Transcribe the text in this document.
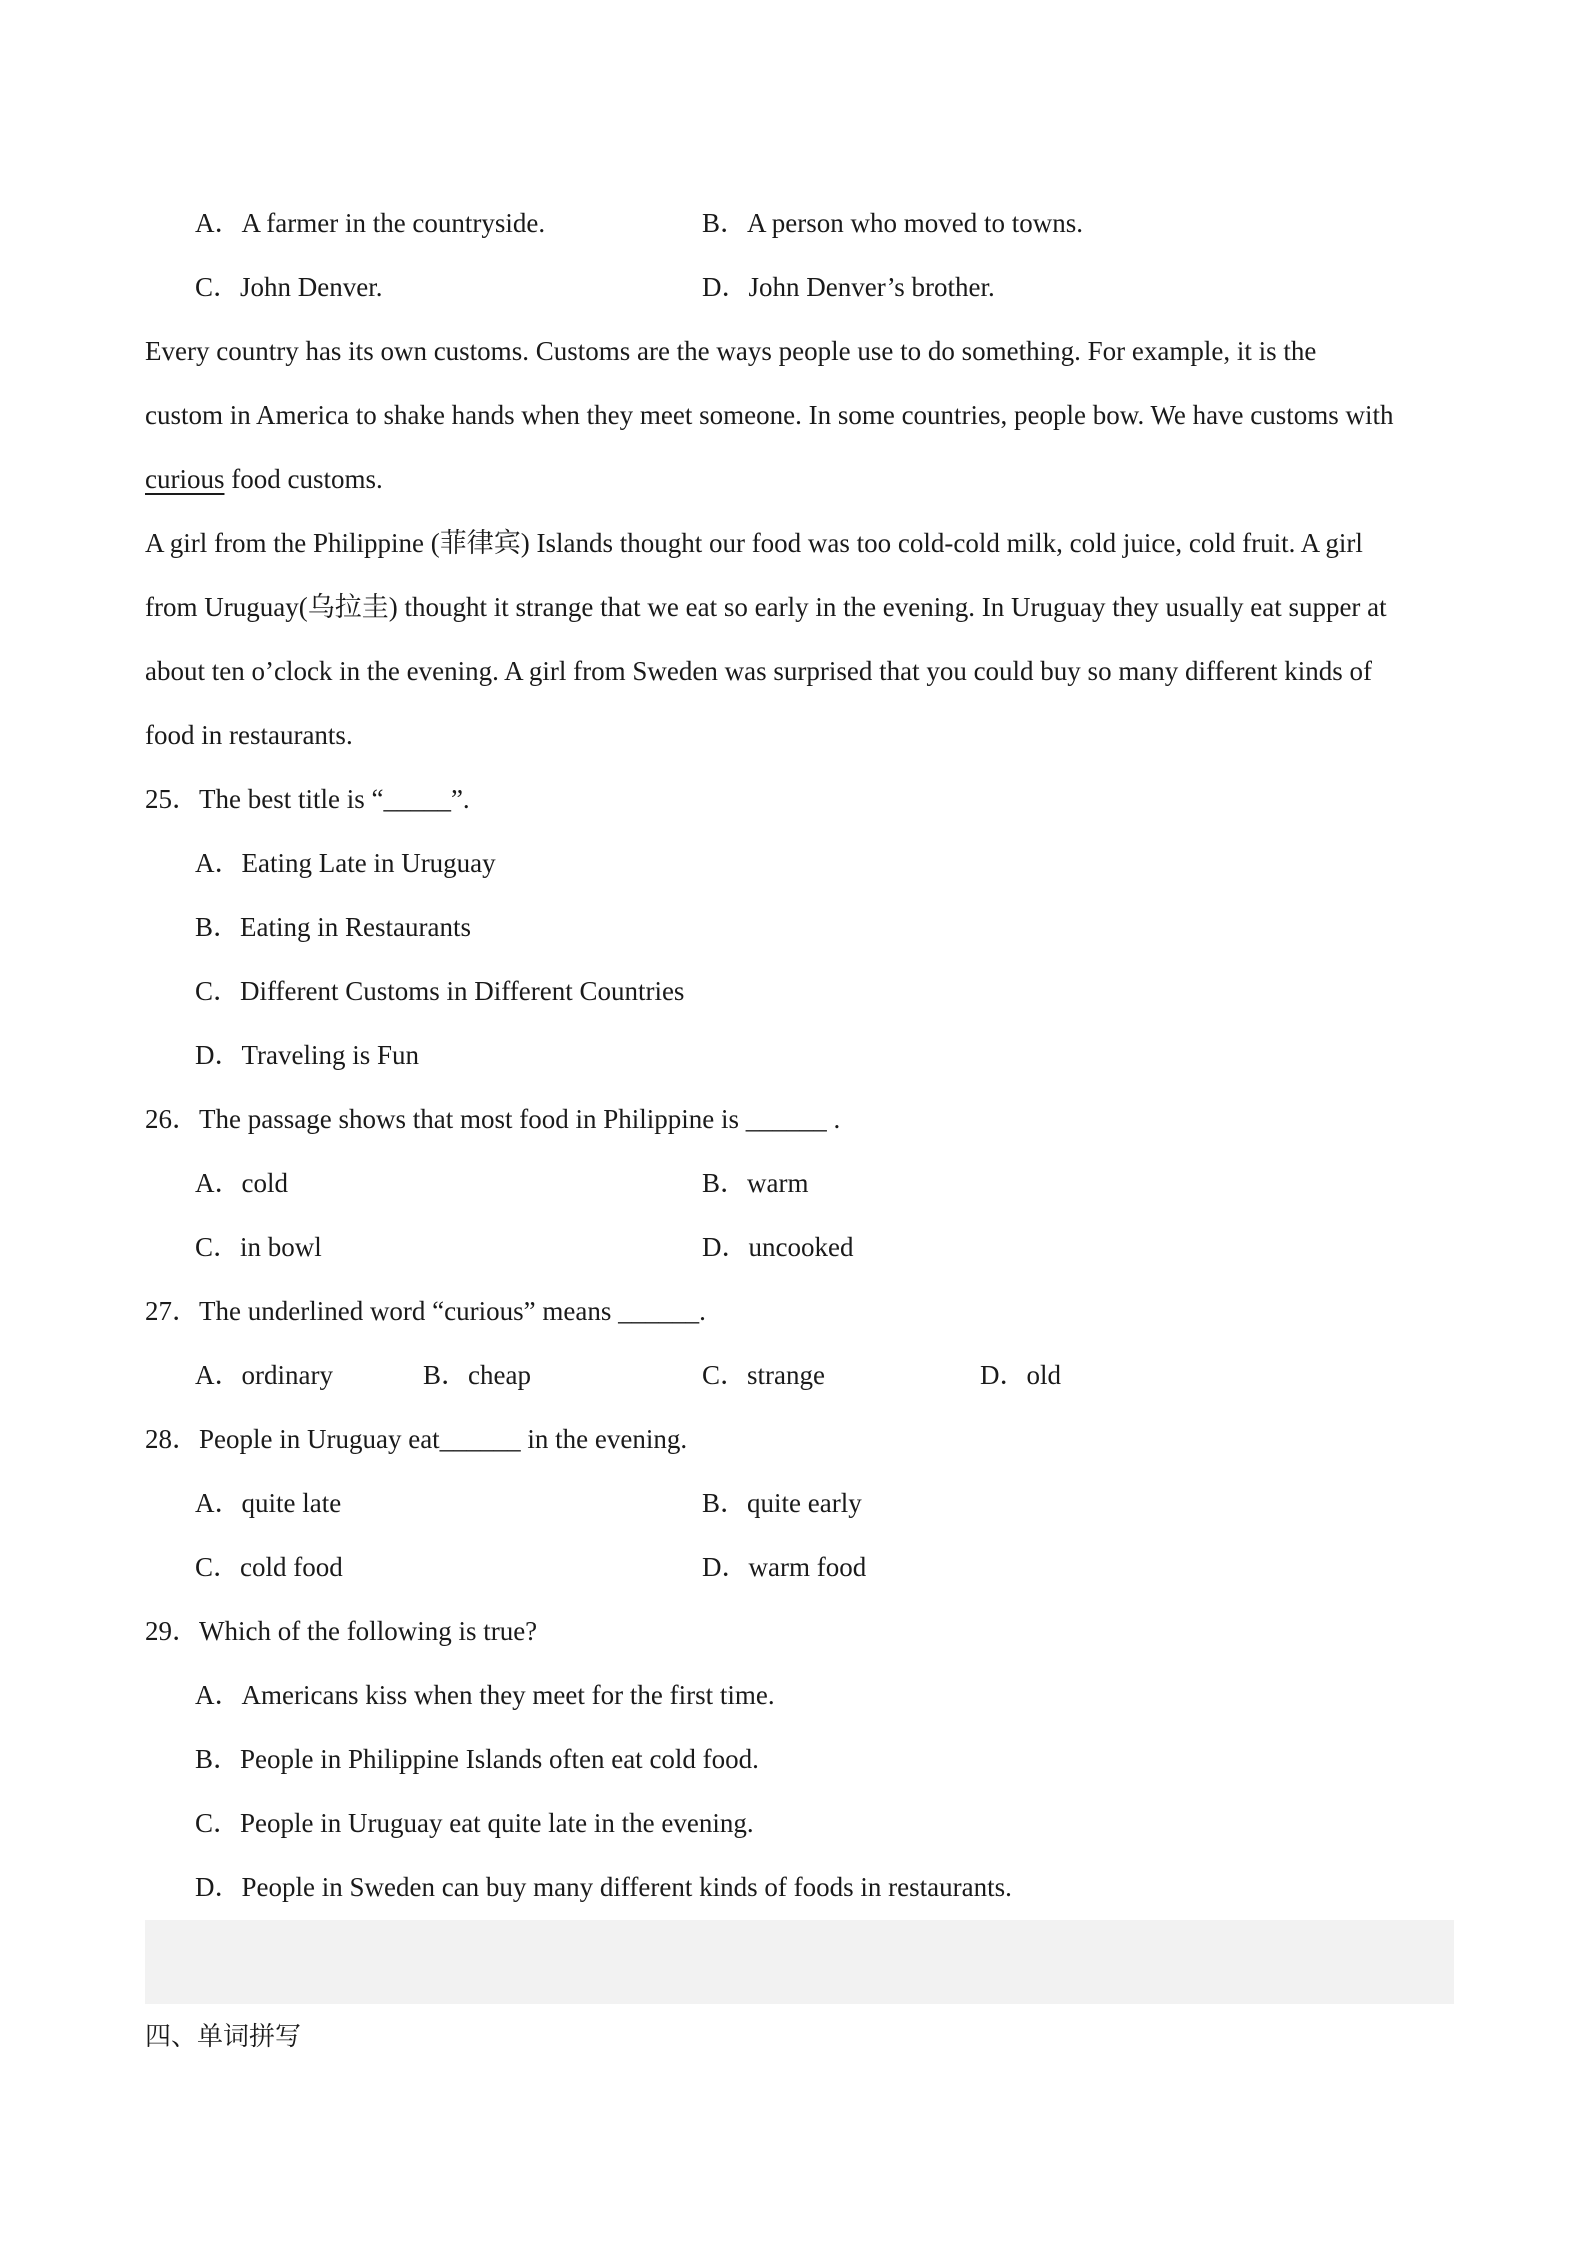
A．A farmer in the countryside.	B．A person who moved to towns.
C．John Denver.	D．John Denver’s brother.
Every country has its own customs. Customs are the ways people use to do something. For example, it is the
custom in America to shake hands when they meet someone. In some countries, people bow. We have customs with
curious food customs.
A girl from the Philippine (菲律宾) Islands thought our food was too cold-cold milk, cold juice, cold fruit. A girl
from Uruguay(乌拉圭) thought it strange that we eat so early in the evening. In Uruguay they usually eat supper at
about ten o’clock in the evening. A girl from Sweden was surprised that you could buy so many different kinds of
food in restaurants.
25．The best title is “_____”.
A．Eating Late in Uruguay
B．Eating in Restaurants
C．Different Customs in Different Countries
D．Traveling is Fun
26．The passage shows that most food in Philippine is ______ .
A．cold	B．warm
C．in bowl	D．uncooked
27．The underlined word “curious” means ______.
A．ordinary	B．cheap	C．strange	D．old
28．People in Uruguay eat______ in the evening.
A．quite late	B．quite early
C．cold food	D．warm food
29．Which of the following is true?
A．Americans kiss when they meet for the first time.
B．People in Philippine Islands often eat cold food.
C．People in Uruguay eat quite late in the evening.
D．People in Sweden can buy many different kinds of foods in restaurants.
四、单词拼写
